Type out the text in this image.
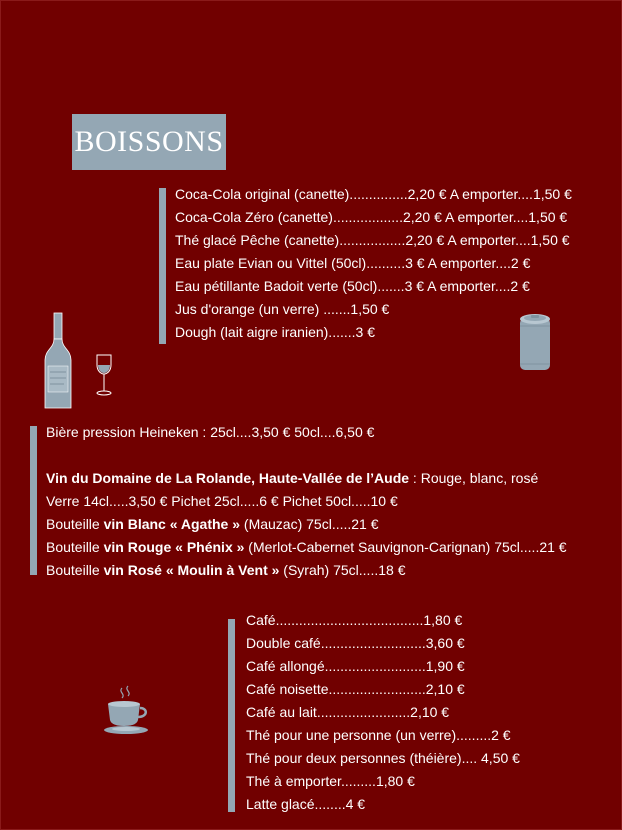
BOISSONS
Coca-Cola original (canette)...............2,20 € A emporter....1,50 €
Coca-Cola Zéro (canette)..................2,20 € A emporter....1,50 €
Thé glacé Pêche (canette).................2,20 € A emporter....1,50 €
Eau plate Evian ou Vittel (50cl)..........3 € A emporter....2 €
Eau pétillante Badoit verte (50cl).......3 € A emporter....2 €
Jus d'orange (un verre) .......1,50 €
Dough (lait aigre iranien).......3 €
Bière pression Heineken : 25cl....3,50 € 50cl....6,50 €
Vin du Domaine de La Rolande, Haute-Vallée de l’Aude : Rouge, blanc, rosé
Verre 14cl.....3,50 € Pichet 25cl.....6 € Pichet 50cl.....10 €
Bouteille vin Blanc « Agathe » (Mauzac) 75cl.....21 €
Bouteille vin Rouge « Phénix » (Merlot-Cabernet Sauvignon-Carignan) 75cl.....21 €
Bouteille vin Rosé « Moulin à Vent » (Syrah) 75cl.....18 €
Café......................................1,80 €
Double café...........................3,60 €
Café allongé..........................1,90 €
Café noisette.........................2,10 €
Café au lait........................2,10 €
Thé pour une personne (un verre).........2 €
Thé pour deux personnes (théière).... 4,50 €
Thé à emporter.........1,80 €
Latte glacé........4 €
